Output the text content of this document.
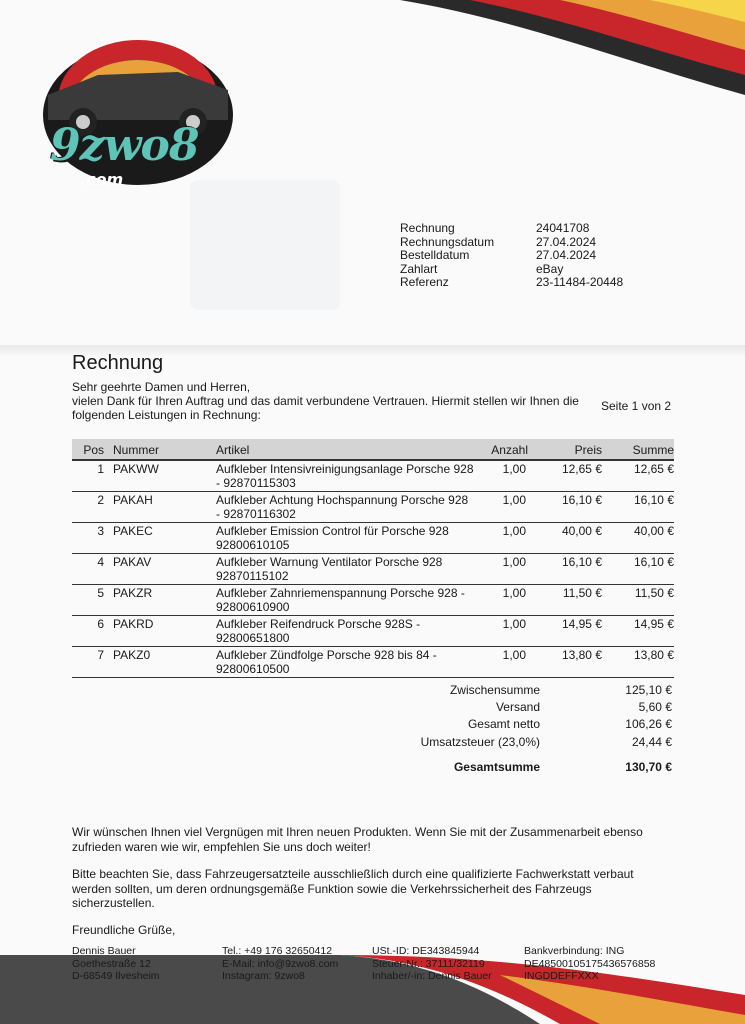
9zwo8
.com
Rechnung	24041708
Rechnungsdatum	27.04.2024
Bestelldatum	27.04.2024
Zahlart	eBay
Referenz	23-11484-20448
Rechnung
Sehr geehrte Damen und Herren,
vielen Dank für Ihren Auftrag und das damit verbundene Vertrauen. Hiermit stellen wir Ihnen die
folgenden Leistungen in Rechnung:
Seite 1 von 2
Pos Nummer	Artikel	Anzahl	Preis	Summe
1 PAKWW	Aufkleber Intensivreinigungsanlage Porsche 928
- 92870115303
1,00	12,65 €	12,65 €
2 PAKAH	Aufkleber Achtung Hochspannung Porsche 928
- 92870116302
1,00	16,10 €	16,10 €
3 PAKEC	Aufkleber Emission Control für Porsche 928
92800610105
1,00	40,00 €	40,00 €
4 PAKAV	Aufkleber Warnung Ventilator Porsche 928
92870115102
1,00	16,10 €	16,10 €
5 PAKZR	Aufkleber Zahnriemenspannung Porsche 928 -
92800610900
1,00	11,50 €	11,50 €
6 PAKRD	Aufkleber Reifendruck Porsche 928S -
92800651800
1,00	14,95 €	14,95 €
7 PAKZ0	Aufkleber Zündfolge Porsche 928 bis 84 -
92800610500
1,00	13,80 €	13,80 €
Zwischensumme	125,10 €
Versand	5,60 €
Gesamt netto	106,26 €
Umsatzsteuer (23,0%)	24,44 €
Gesamtsumme	130,70 €
Wir wünschen Ihnen viel Vergnügen mit Ihren neuen Produkten. Wenn Sie mit der Zusammenarbeit ebenso
zufrieden waren wie wir, empfehlen Sie uns doch weiter!
Bitte beachten Sie, dass Fahrzeugersatzteile ausschließlich durch eine qualifizierte Fachwerkstatt verbaut
werden sollten, um deren ordnungsgemäße Funktion sowie die Verkehrssicherheit des Fahrzeugs
sicherzustellen.
Freundliche Grüße,
Dennis Bauer
Goethestraße 12
D-68549 Ilvesheim
Tel.: +49 176 32650412
E-Mail: info@9zwo8.com
Instagram: 9zwo8
USt.-ID: DE343845944
Steuer-Nr.: 37111/32119
Inhaber/-in: Dennis Bauer
Bankverbindung: ING
DE48500105175436576858
INGDDEFFXXX
